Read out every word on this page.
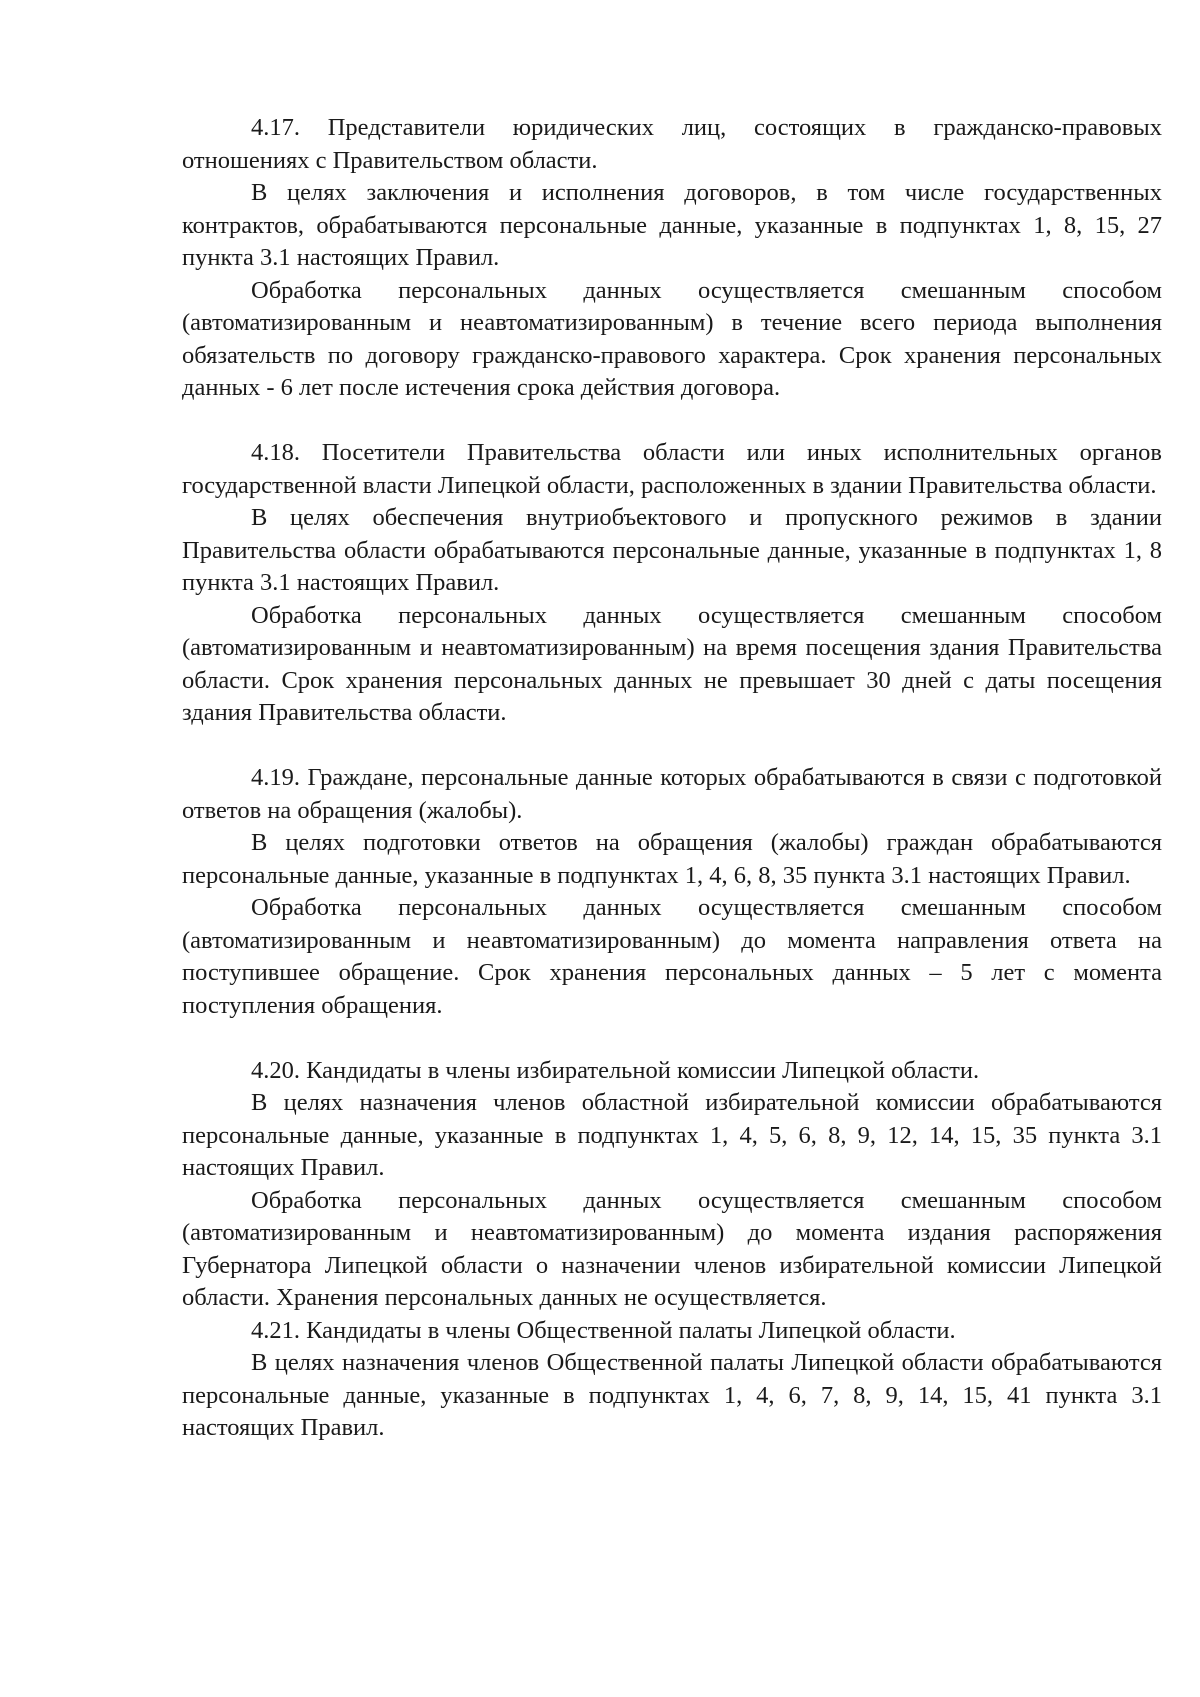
4.17. Представители юридических лиц, состоящих в гражданско-правовых отношениях с Правительством области.

В целях заключения и исполнения договоров, в том числе государственных контрактов, обрабатываются персональные данные, указанные в подпунктах 1, 8, 15, 27 пункта 3.1 настоящих Правил.

Обработка персональных данных осуществляется смешанным способом (автоматизированным и неавтоматизированным) в течение всего периода выполнения обязательств по договору гражданско-правового характера. Срок хранения персональных данных - 6 лет после истечения срока действия договора.

4.18. Посетители Правительства области или иных исполнительных органов государственной власти Липецкой области, расположенных в здании Правительства области.

В целях обеспечения внутриобъектового и пропускного режимов в здании Правительства области обрабатываются персональные данные, указанные в подпунктах 1, 8 пункта 3.1 настоящих Правил.

Обработка персональных данных осуществляется смешанным способом (автоматизированным и неавтоматизированным) на время посещения здания Правительства области. Срок хранения персональных данных не превышает 30 дней с даты посещения здания Правительства области.

4.19. Граждане, персональные данные которых обрабатываются в связи с подготовкой ответов на обращения (жалобы).

В целях подготовки ответов на обращения (жалобы) граждан обрабатываются персональные данные, указанные в подпунктах 1, 4, 6, 8, 35 пункта 3.1 настоящих Правил.

Обработка персональных данных осуществляется смешанным способом (автоматизированным и неавтоматизированным) до момента направления ответа на поступившее обращение. Срок хранения персональных данных – 5 лет с момента поступления обращения.

4.20. Кандидаты в члены избирательной комиссии Липецкой области.

В целях назначения членов областной избирательной комиссии обрабатываются персональные данные, указанные в подпунктах 1, 4, 5, 6, 8, 9, 12, 14, 15, 35 пункта 3.1 настоящих Правил.

Обработка персональных данных осуществляется смешанным способом (автоматизированным и неавтоматизированным) до момента издания распоряжения Губернатора Липецкой области о назначении членов избирательной комиссии Липецкой области. Хранения персональных данных не осуществляется.

4.21. Кандидаты в члены Общественной палаты Липецкой области.

В целях назначения членов Общественной палаты Липецкой области обрабатываются персональные данные, указанные в подпунктах 1, 4, 6, 7, 8, 9, 14, 15, 41 пункта 3.1 настоящих Правил.
